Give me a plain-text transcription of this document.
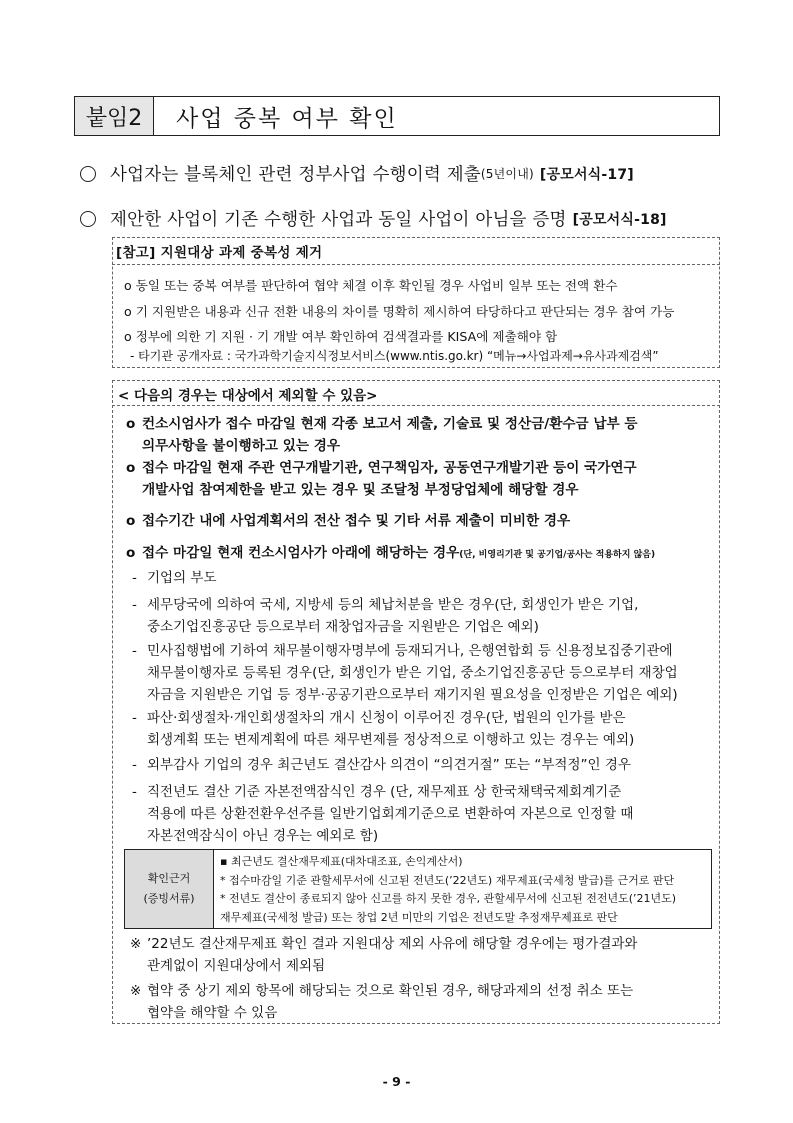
붙임2	사업 중복 여부 확인
사업자는 블록체인 관련 정부사업 수행이력 제출 (5년이내) [공모서식-17]
제안한 사업이 기존 수행한 사업과 동일 사업이 아님을 증명 [공모서식-18]
[참고] 지원대상 과제 중복성 제거
o 동일 또는 중복 여부를 판단하여 협약 체결 이후 확인될 경우 사업비 일부 또는 전액 환수
o 기 지원받은 내용과 신규 전환 내용의 차이를 명확히 제시하여 타당하다고 판단되는 경우 참여 가능
o 정부에 의한 기 지원 · 기 개발 여부 확인하여 검색결과를 KISA에 제출해야 함
- 타기관 공개자료 : 국가과학기술지식정보서비스(www.ntis.go.kr) “메뉴→사업과제→유사과제검색”
< 다음의 경우는 대상에서 제외할 수 있음>
o 컨소시엄사가 접수 마감일 현재 각종 보고서 제출, 기술료 및 정산금/환수금 납부 등
의무사항을 불이행하고 있는 경우
o 접수 마감일 현재 주관 연구개발기관, 연구책임자, 공동연구개발기관 등이 국가연구
개발사업 참여제한을 받고 있는 경우 및 조달청 부정당업체에 해당할 경우
o 접수기간 내에 사업계획서의 전산 접수 및 기타 서류 제출이 미비한 경우
o 접수 마감일 현재 컨소시엄사가 아래에 해당하는 경우(단, 비영리기관 및 공기업/공사는 적용하지 않음)
- 기업의 부도
- 세무당국에 의하여 국세, 지방세 등의 체납처분을 받은 경우(단, 회생인가 받은 기업,
중소기업진흥공단 등으로부터 재창업자금을 지원받은 기업은 예외)
- 민사집행법에 기하여 채무불이행자명부에 등재되거나, 은행연합회 등 신용정보집중기관에
채무불이행자로 등록된 경우(단, 회생인가 받은 기업, 중소기업진흥공단 등으로부터 재창업
자금을 지원받은 기업 등 정부·공공기관으로부터 재기지원 필요성을 인정받은 기업은 예외)
- 파산·회생절차·개인회생절차의 개시 신청이 이루어진 경우(단, 법원의 인가를 받은
회생계획 또는 변제계획에 따른 채무변제를 정상적으로 이행하고 있는 경우는 예외)
- 외부감사 기업의 경우 최근년도 결산감사 의견이 “의견거절” 또는 “부적정”인 경우
- 직전년도 결산 기준 자본전액잠식인 경우 (단, 재무제표 상 한국채택국제회계기준
적용에 따른 상환전환우선주를 일반기업회계기준으로 변환하여 자본으로 인정할 때
자본전액잠식이 아닌 경우는 예외로 함)
확인근거
(증빙서류)
▪ 최근년도 결산재무제표(대차대조표, 손익계산서)
* 접수마감일 기준 관할세무서에 신고된 전년도(’22년도) 재무제표(국세청 발급)를 근거로 판단
* 전년도 결산이 종료되지 않아 신고를 하지 못한 경우, 관할세무서에 신고된 전전년도(’21년도)
재무제표(국세청 발급) 또는 창업 2년 미만의 기업은 전년도말 추정재무제표로 판단
※ ’22년도 결산재무제표 확인 결과 지원대상 제외 사유에 해당할 경우에는 평가결과와
관계없이 지원대상에서 제외됨
※ 협약 중 상기 제외 항목에 해당되는 것으로 확인된 경우, 해당과제의 선정 취소 또는
협약을 해약할 수 있음
- 9 -
